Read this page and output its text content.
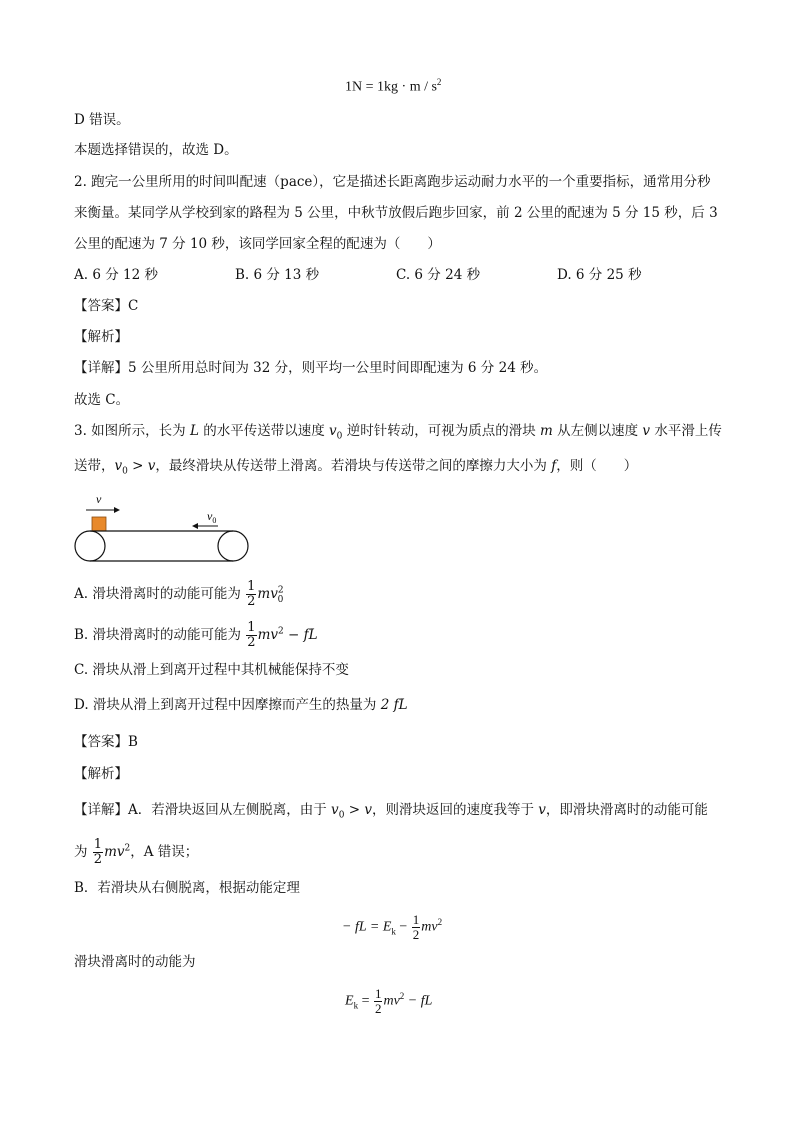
$1N = 1kg \cdot m / s^2$
D 错误。
本题选择错误的，故选 D。
2. 跑完一公里所用的时间叫配速（pace），它是描述长距离跑步运动耐力水平的一个重要指标，通常用分秒
来衡量。某同学从学校到家的路程为 5 公里，中秋节放假后跑步回家，前 2 公里的配速为 5 分 15 秒，后 3
公里的配速为 7 分 10 秒，该同学回家全程的配速为（　　）
A. 6 分 12 秒	B. 6 分 13 秒	C. 6 分 24 秒	D. 6 分 25 秒
【答案】C
【解析】
【详解】5 公里所用总时间为 32 分，则平均一公里时间即配速为 6 分 24 秒。
故选 C。
3. 如图所示，长为 L 的水平传送带以速度 $v_0$ 逆时针转动，可视为质点的滑块 m 从左侧以速度 v 水平滑上传
送带，$v_0 > v$，最终滑块从传送带上滑离。若滑块与传送带之间的摩擦力大小为 f，则（　　）
v
$v_0$
A. 滑块滑离时的动能可能为 $\frac{1}{2} mv^2_0$
B. 滑块滑离时的动能可能为 $\frac{1}{2} mv^2$ − fL
C. 滑块从滑上到离开过程中其机械能保持不变
D. 滑块从滑上到离开过程中因摩擦而产生的热量为 2 fL
【答案】B
【解析】
【详解】A．若滑块返回从左侧脱离，由于 $v_0 > v$，则滑块返回的速度我等于 v，即滑块滑离时的动能可能
为 $\frac{1}{2} mv^2$，A 错误；
B．若滑块从右侧脱离，根据动能定理
− fL = $E_k - \frac{1}{2} mv^2$
滑块滑离时的动能为
$E_k = \frac{1}{2} mv^2$ − fL
